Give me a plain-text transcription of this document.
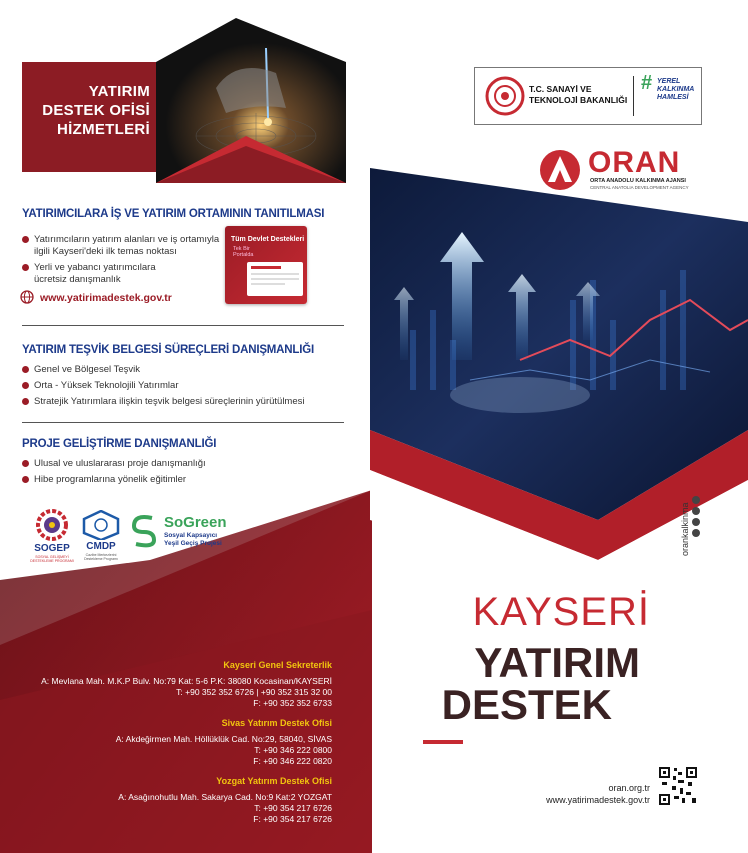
YATIRIM
DESTEK OFİSİ
HİZMETLERİ
YATIRIMCILARA İŞ VE YATIRIM ORTAMININ TANITILMASI
Yatırımcıların yatırım alanları ve iş ortamıyla
ilgili Kayseri'deki ilk temas noktası
Yerli ve yabancı yatırımcılara
ücretsiz danışmanlık
www.yatirimadestek.gov.tr
Tüm Devlet Destekleri
Tek Bir
Portalda
YATIRIM TEŞVİK BELGESİ SÜREÇLERİ DANIŞMANLIĞI
Genel ve Bölgesel Teşvik
Orta - Yüksek Teknolojili Yatırımlar
Stratejik Yatırımlara ilişkin teşvik belgesi süreçlerinin yürütülmesi
PROJE GELİŞTİRME DANIŞMANLIĞI
Ulusal ve uluslararası proje danışmanlığı
Hibe programlarına yönelik eğitimler
SOGEP
SOSYAL GELİŞMEYİ
DESTEKLEME PROGRAMI
CMDP
Cazibe Merkezlerini
Destekleme Programı
SoGreen
Sosyal Kapsayıcı
Yeşil Geçiş Projesi
Kayseri Genel Sekreterlik
A: Mevlana Mah. M.K.P Bulv. No:79 Kat: 5-6 P.K: 38080 Kocasinan/KAYSERİ
T: +90 352 352 6726 | +90 352 315 32 00
F: +90 352 352 6733
Sivas Yatırım Destek Ofisi
A: Akdeğirmen Mah. Höllüklük Cad. No:29, 58040, SİVAS
T: +90 346 222 0800
F: +90 346 222 0820
Yozgat Yatırım Destek Ofisi
A: Asağınohutlu Mah. Sakarya Cad. No:9 Kat:2 YOZGAT
T: +90 354 217 6726
F: +90 354 217 6726
T.C. SANAYİ VE
TEKNOLOJİ BAKANLIĞI
# YEREL
KALKINMA
HAMLESİ
ORAN
ORTA ANADOLU KALKINMA AJANSI
CENTRAL ANATOLIA DEVELOPMENT AGENCY
orankalkinma
KAYSERİ
YATIRIM
DESTEK
oran.org.tr
www.yatirimadestek.gov.tr
